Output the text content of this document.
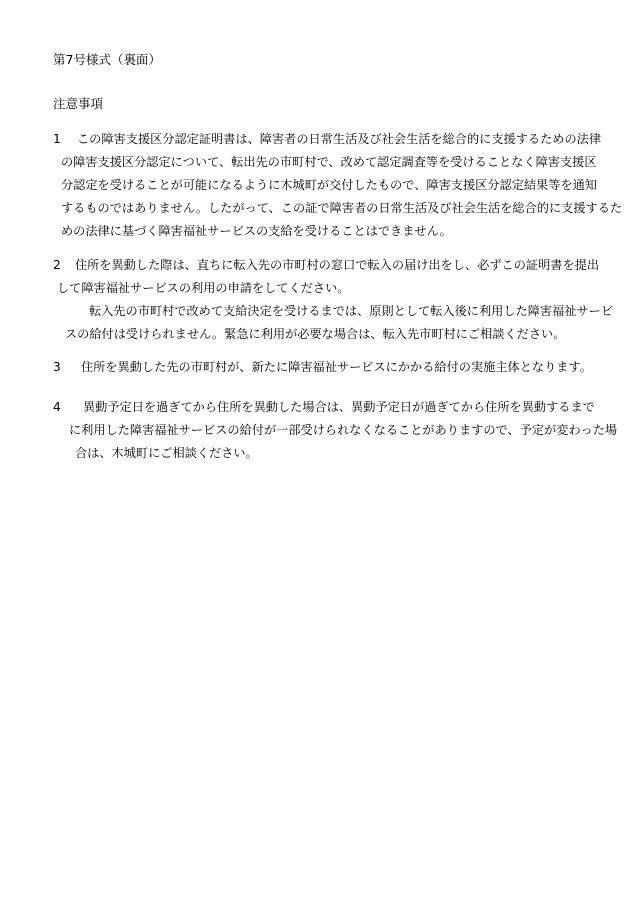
第7号様式（裏面）
注意事項
1	この障害支援区分認定証明書は、障害者の日常生活及び社会生活を総合的に支援するための法律
の障害支援区分認定について、転出先の市町村で、改めて認定調査等を受けることなく障害支援区
分認定を受けることが可能になるように木城町が交付したもので、障害支援区分認定結果等を通知
するものではありません。したがって、この証で障害者の日常生活及び社会生活を総合的に支援するた
めの法律に基づく障害福祉サービスの支給を受けることはできません。
2	住所を異動した際は、直ちに転入先の市町村の窓口で転入の届け出をし、必ずこの証明書を提出
して障害福祉サービスの利用の申請をしてください。
転入先の市町村で改めて支給決定を受けるまでは、原則として転入後に利用した障害福祉サービ
スの給付は受けられません。緊急に利用が必要な場合は、転入先市町村にご相談ください。
3	住所を異動した先の市町村が、新たに障害福祉サービスにかかる給付の実施主体となります。
4	異動予定日を過ぎてから住所を異動した場合は、異動予定日が過ぎてから住所を異動するまで
に利用した障害福祉サービスの給付が一部受けられなくなることがありますので、予定が変わった場
合は、木城町にご相談ください。
